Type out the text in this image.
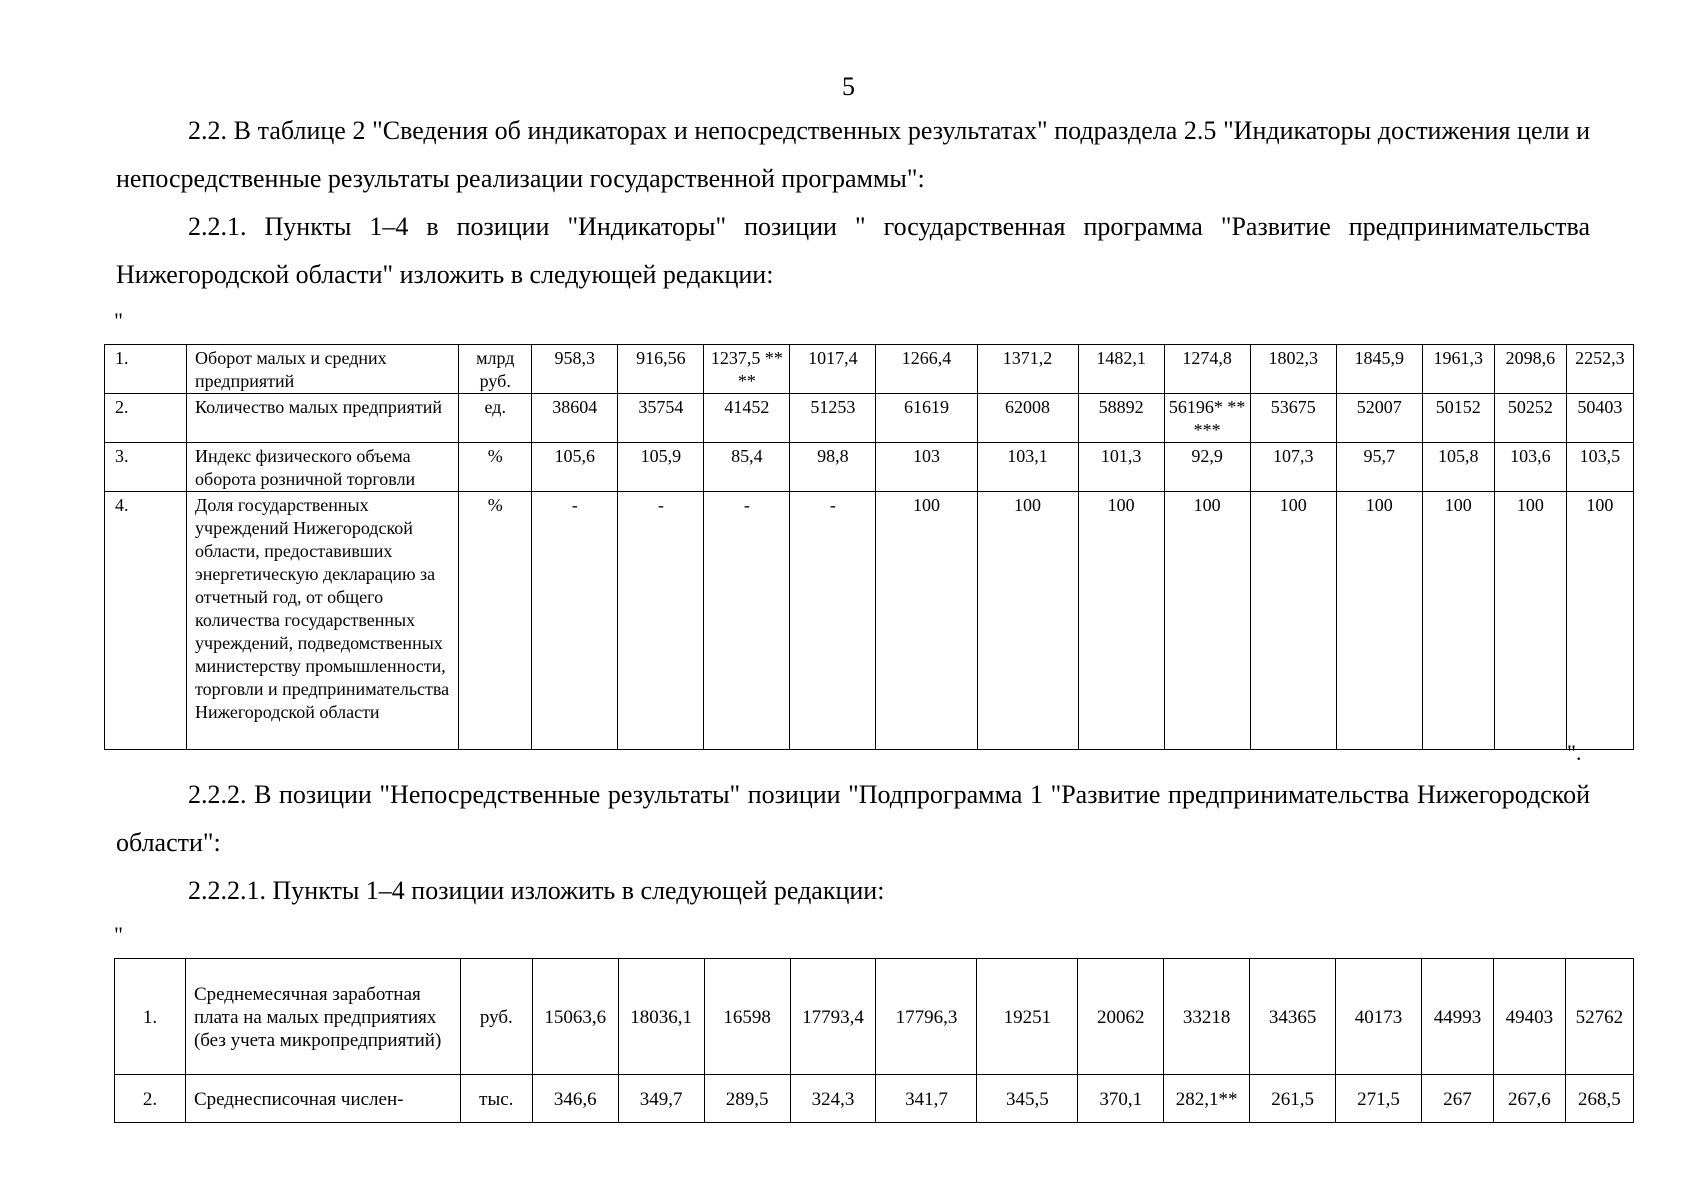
5

2.2. В таблице 2 "Сведения об индикаторах и непосредственных результатах" подраздела 2.5 "Индикаторы достижения цели и непосредственные результаты реализации государственной программы":

2.2.1. Пункты 1–4 в позиции "Индикаторы" позиции " государственная программа "Развитие предпринимательства Нижегородской области" изложить в следующей редакции:

"
1.	Оборот малых и средних предприятий	млрд руб.	958,3	916,56	1237,5 ****	1017,4	1266,4	1371,2	1482,1	1274,8	1802,3	1845,9	1961,3	2098,6	2252,3
2.	Количество малых предприятий	ед.	38604	35754	41452	51253	61619	62008	58892	56196* *****	53675	52007	50152	50252	50403
3.	Индекс физического объема оборота розничной торговли	%	105,6	105,9	85,4	98,8	103	103,1	101,3	92,9	107,3	95,7	105,8	103,6	103,5
4.	Доля государственных учреждений Нижегородской области, предоставивших энергетическую декларацию за отчетный год, от общего количества государственных учреждений, подведомственных министерству промышленности, торговли и предпринимательства Нижегородской области	%	-	-	-	-	100	100	100	100	100	100	100	100	100
".

2.2.2. В позиции "Непосредственные результаты" позиции "Подпрограмма 1 "Развитие предпринимательства Нижегородской области":

2.2.2.1. Пункты 1–4 позиции изложить в следующей редакции:

"
1.	Среднемесячная заработная плата на малых предприятиях (без учета микропредприятий)	руб.	15063,6	18036,1	16598	17793,4	17796,3	19251	20062	33218	34365	40173	44993	49403	52762
2.	Среднесписочная числен-	тыс.	346,6	349,7	289,5	324,3	341,7	345,5	370,1	282,1**	261,5	271,5	267	267,6	268,5
